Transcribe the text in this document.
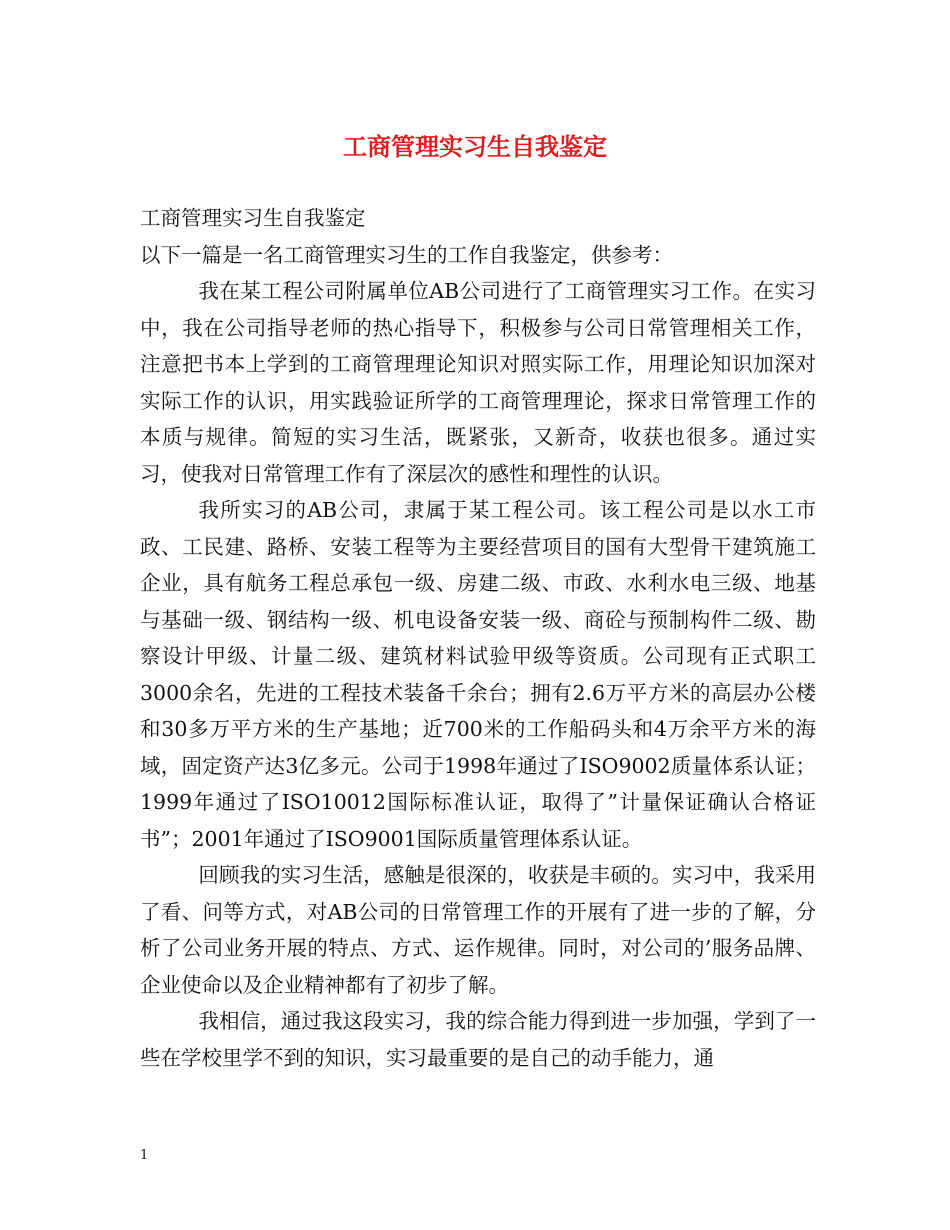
工商管理实习生自我鉴定

工商管理实习生自我鉴定

以下一篇是一名工商管理实习生的工作自我鉴定，供参考：

我在某工程公司附属单位AB公司进行了工商管理实习工作。在实习中，我在公司指导老师的热心指导下，积极参与公司日常管理相关工作，注意把书本上学到的工商管理理论知识对照实际工作，用理论知识加深对实际工作的认识，用实践验证所学的工商管理理论，探求日常管理工作的本质与规律。简短的实习生活，既紧张，又新奇，收获也很多。通过实习，使我对日常管理工作有了深层次的感性和理性的认识。

我所实习的AB公司，隶属于某工程公司。该工程公司是以水工市政、工民建、路桥、安装工程等为主要经营项目的国有大型骨干建筑施工企业，具有航务工程总承包一级、房建二级、市政、水利水电三级、地基与基础一级、钢结构一级、机电设备安装一级、商砼与预制构件二级、勘察设计甲级、计量二级、建筑材料试验甲级等资质。公司现有正式职工3000余名，先进的工程技术装备千余台；拥有2.6万平方米的高层办公楼和30多万平方米的生产基地；近700米的工作船码头和4万余平方米的海域，固定资产达3亿多元。公司于1998年通过了ISO9002质量体系认证；1999年通过了ISO10012国际标准认证，取得了”计量保证确认合格证书”；2001年通过了ISO9001国际质量管理体系认证。

回顾我的实习生活，感触是很深的，收获是丰硕的。实习中，我采用了看、问等方式，对AB公司的日常管理工作的开展有了进一步的了解，分析了公司业务开展的特点、方式、运作规律。同时，对公司的’服务品牌、企业使命以及企业精神都有了初步了解。

我相信，通过我这段实习，我的综合能力得到进一步加强，学到了一些在学校里学不到的知识，实习最重要的是自己的动手能力，通

1
